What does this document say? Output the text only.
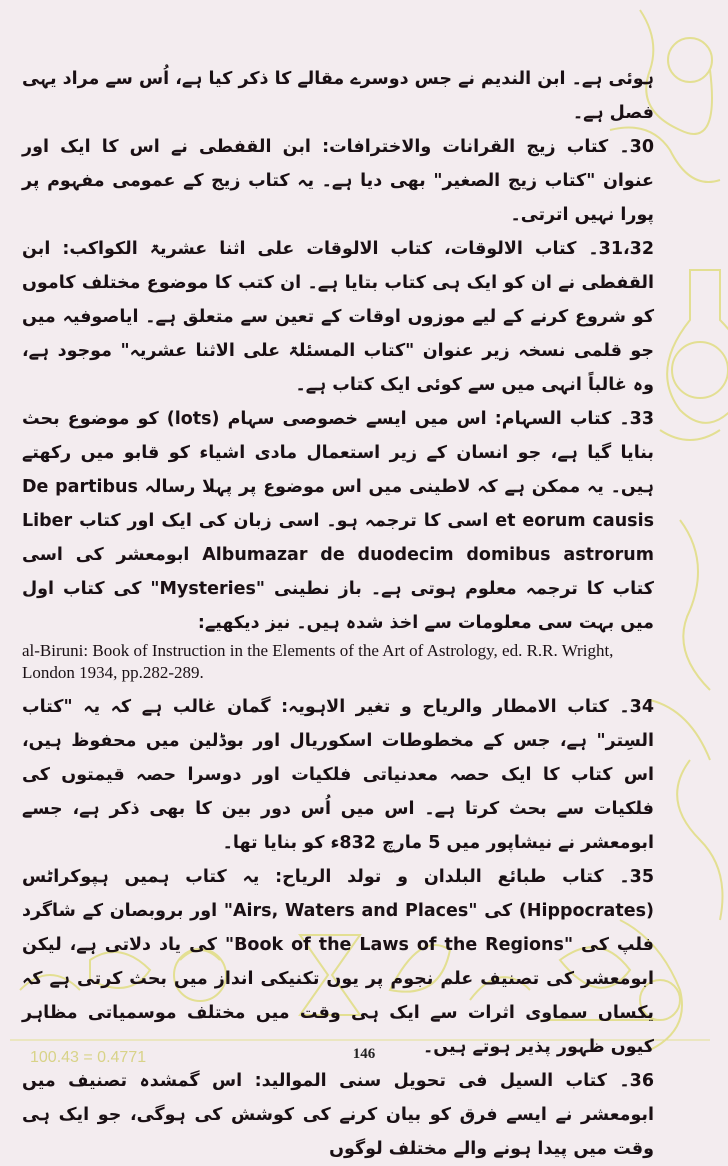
100.43 = 0.4771

ہوئی ہے۔ ابن الندیم نے جس دوسرے مقالے کا ذکر کیا ہے، اُس سے مراد یہی فصل ہے۔

30۔ کتاب زیج القرانات والاخترافات: ابن القفطی نے اس کا ایک اور عنوان "کتاب زیج الصغیر" بھی دیا ہے۔ یہ کتاب زیج کے عمومی مفہوم پر پورا نہیں اترتی۔

31،32۔ کتاب الالوقات، کتاب الالوقات علی اثنا عشریۃ الکواکب: ابن القفطی نے ان کو ایک ہی کتاب بتایا ہے۔ ان کتب کا موضوع مختلف کاموں کو شروع کرنے کے لیے موزوں اوقات کے تعین سے متعلق ہے۔ ایاصوفیہ میں جو قلمی نسخہ زیر عنوان "کتاب المسئلۃ علی الاثنا عشریہ" موجود ہے، وہ غالباً انہی میں سے کوئی ایک کتاب ہے۔

33۔ کتاب السہام: اس میں ایسے خصوصی سہام (lots) کو موضوع بحث بنایا گیا ہے، جو انسان کے زیر استعمال مادی اشیاء کو قابو میں رکھتے ہیں۔ یہ ممکن ہے کہ لاطینی میں اس موضوع پر پہلا رسالہ De partibus et eorum causis اسی کا ترجمہ ہو۔ اسی زبان کی ایک اور کتاب Liber Albumazar de duodecim domibus astrorum ابومعشر کی اسی کتاب کا ترجمہ معلوم ہوتی ہے۔ باز نطینی "Mysteries" کی کتاب اول میں بہت سی معلومات سے اخذ شدہ ہیں۔ نیز دیکھیے:

al-Biruni: Book of Instruction in the Elements of the Art of Astrology, ed. R.R. Wright, London 1934, pp.282-289.

34۔ کتاب الامطار والریاح و تغیر الاہویہ: گمان غالب ہے کہ یہ "کتاب السِتر" ہے، جس کے مخطوطات اسکوریال اور بوڈلین میں محفوظ ہیں، اس کتاب کا ایک حصہ معدنیاتی فلکیات اور دوسرا حصہ قیمتوں کی فلکیات سے بحث کرتا ہے۔ اس میں اُس دور بین کا بھی ذکر ہے، جسے ابومعشر نے نیشاپور میں 5 مارچ 832ء کو بنایا تھا۔

35۔ کتاب طبائع البلدان و تولد الریاح: یہ کتاب ہمیں ہپوکراٹس (Hippocrates) کی "Airs, Waters and Places" اور بروبصان کے شاگرد فلپ کی "Book of the Laws of the Regions" کی یاد دلاتی ہے، لیکن ابومعشر کی تصنیف علم نجوم پر یوں تکنیکی انداز میں بحث کرتی ہے کہ یکساں سماوی اثرات سے ایک ہی وقت میں مختلف موسمیاتی مظاہر کیوں ظہور پذیر ہوتے ہیں۔

36۔ کتاب السیل فی تحویل سنی الموالید: اس گمشدہ تصنیف میں ابومعشر نے ایسے فرق کو بیان کرنے کی کوشش کی ہوگی، جو ایک ہی وقت میں پیدا ہونے والے مختلف لوگوں

146
